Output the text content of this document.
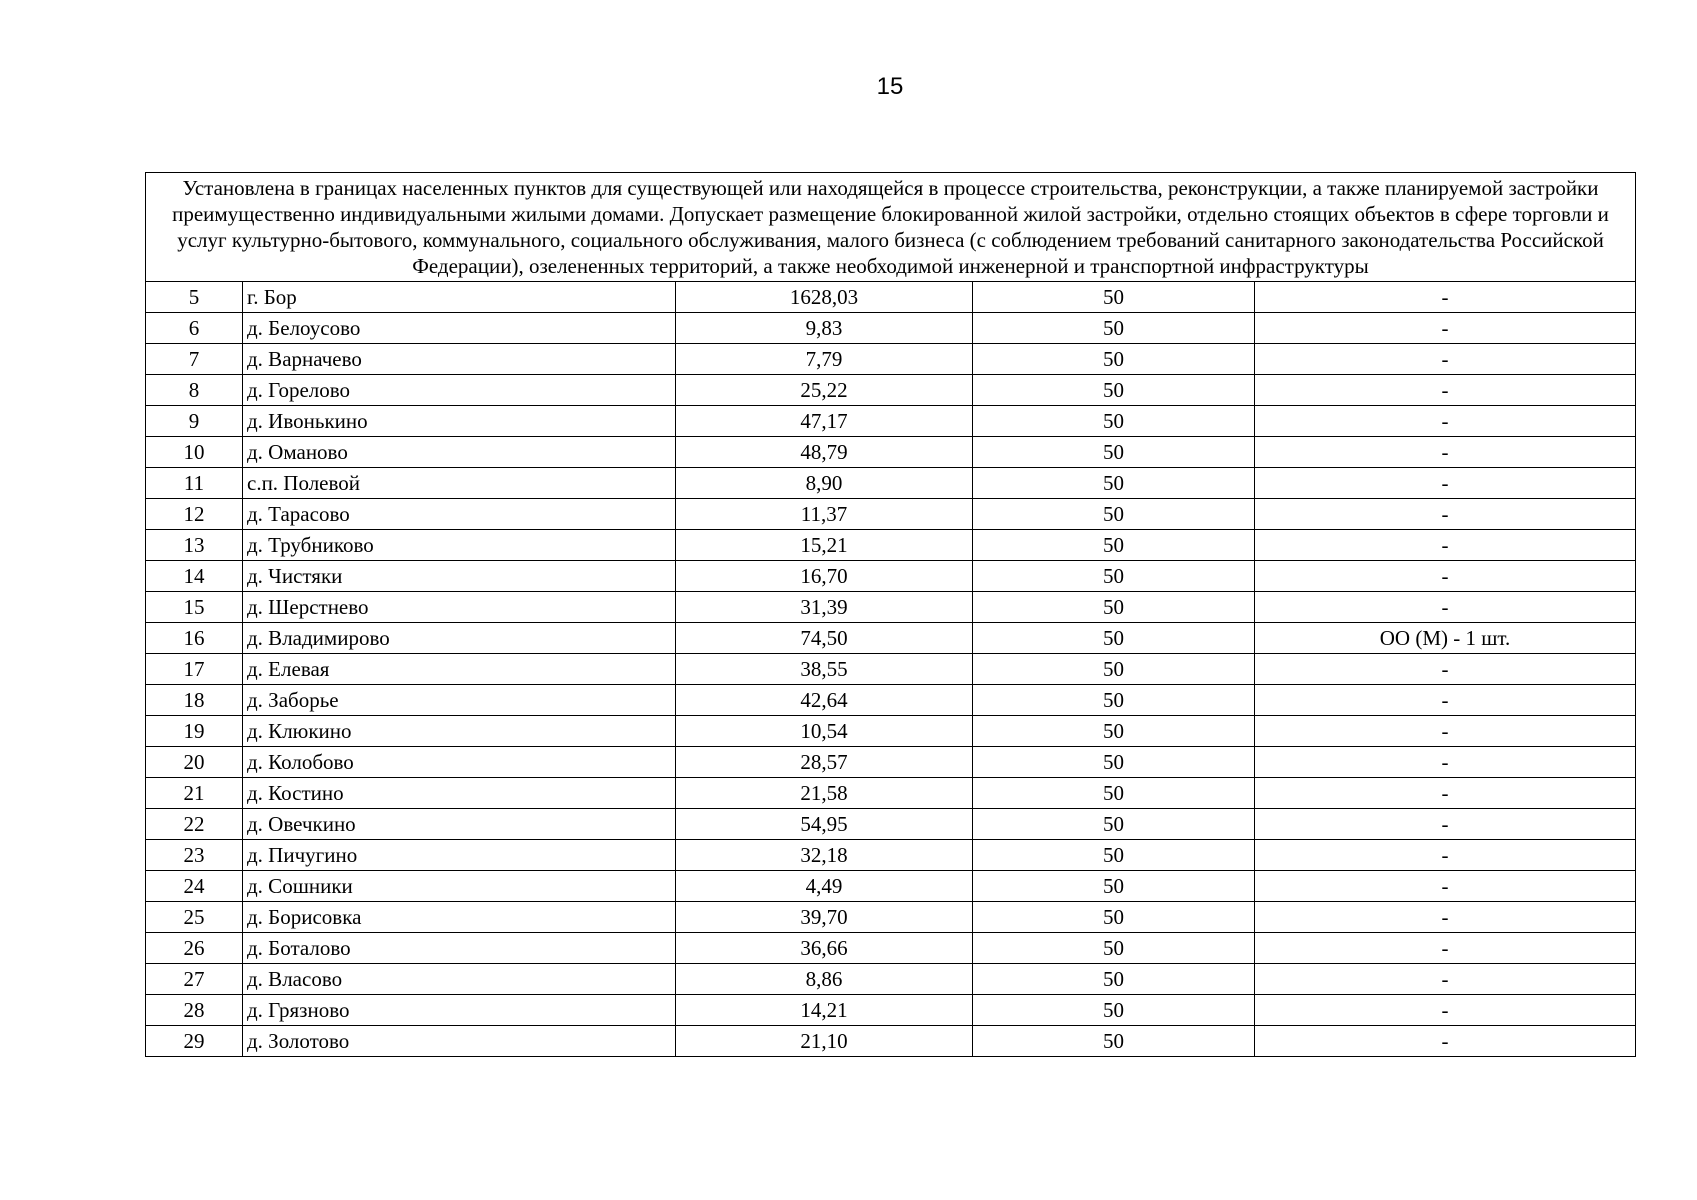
15
Установлена в границах населенных пунктов для существующей или находящейся в процессе строительства, реконструкции, а также планируемой застройки преимущественно индивидуальными жилыми домами. Допускает размещение блокированной жилой застройки, отдельно стоящих объектов в сфере торговли и услуг культурно-бытового, коммунального, социального обслуживания, малого бизнеса (с соблюдением требований санитарного законодательства Российской Федерации), озелененных территорий, а также необходимой инженерной и транспортной инфраструктуры				
5	г. Бор	1628,03	50	-
6	д. Белоусово	9,83	50	-
7	д. Варначево	7,79	50	-
8	д. Горелово	25,22	50	-
9	д. Ивонькино	47,17	50	-
10	д. Оманово	48,79	50	-
11	с.п. Полевой	8,90	50	-
12	д. Тарасово	11,37	50	-
13	д. Трубниково	15,21	50	-
14	д. Чистяки	16,70	50	-
15	д. Шерстнево	31,39	50	-
16	д. Владимирово	74,50	50	ОО (М) - 1 шт.
17	д. Елевая	38,55	50	-
18	д. Заборье	42,64	50	-
19	д. Клюкино	10,54	50	-
20	д. Колобово	28,57	50	-
21	д. Костино	21,58	50	-
22	д. Овечкино	54,95	50	-
23	д. Пичугино	32,18	50	-
24	д. Сошники	4,49	50	-
25	д. Борисовка	39,70	50	-
26	д. Боталово	36,66	50	-
27	д. Власово	8,86	50	-
28	д. Грязново	14,21	50	-
29	д. Золотово	21,10	50	-
